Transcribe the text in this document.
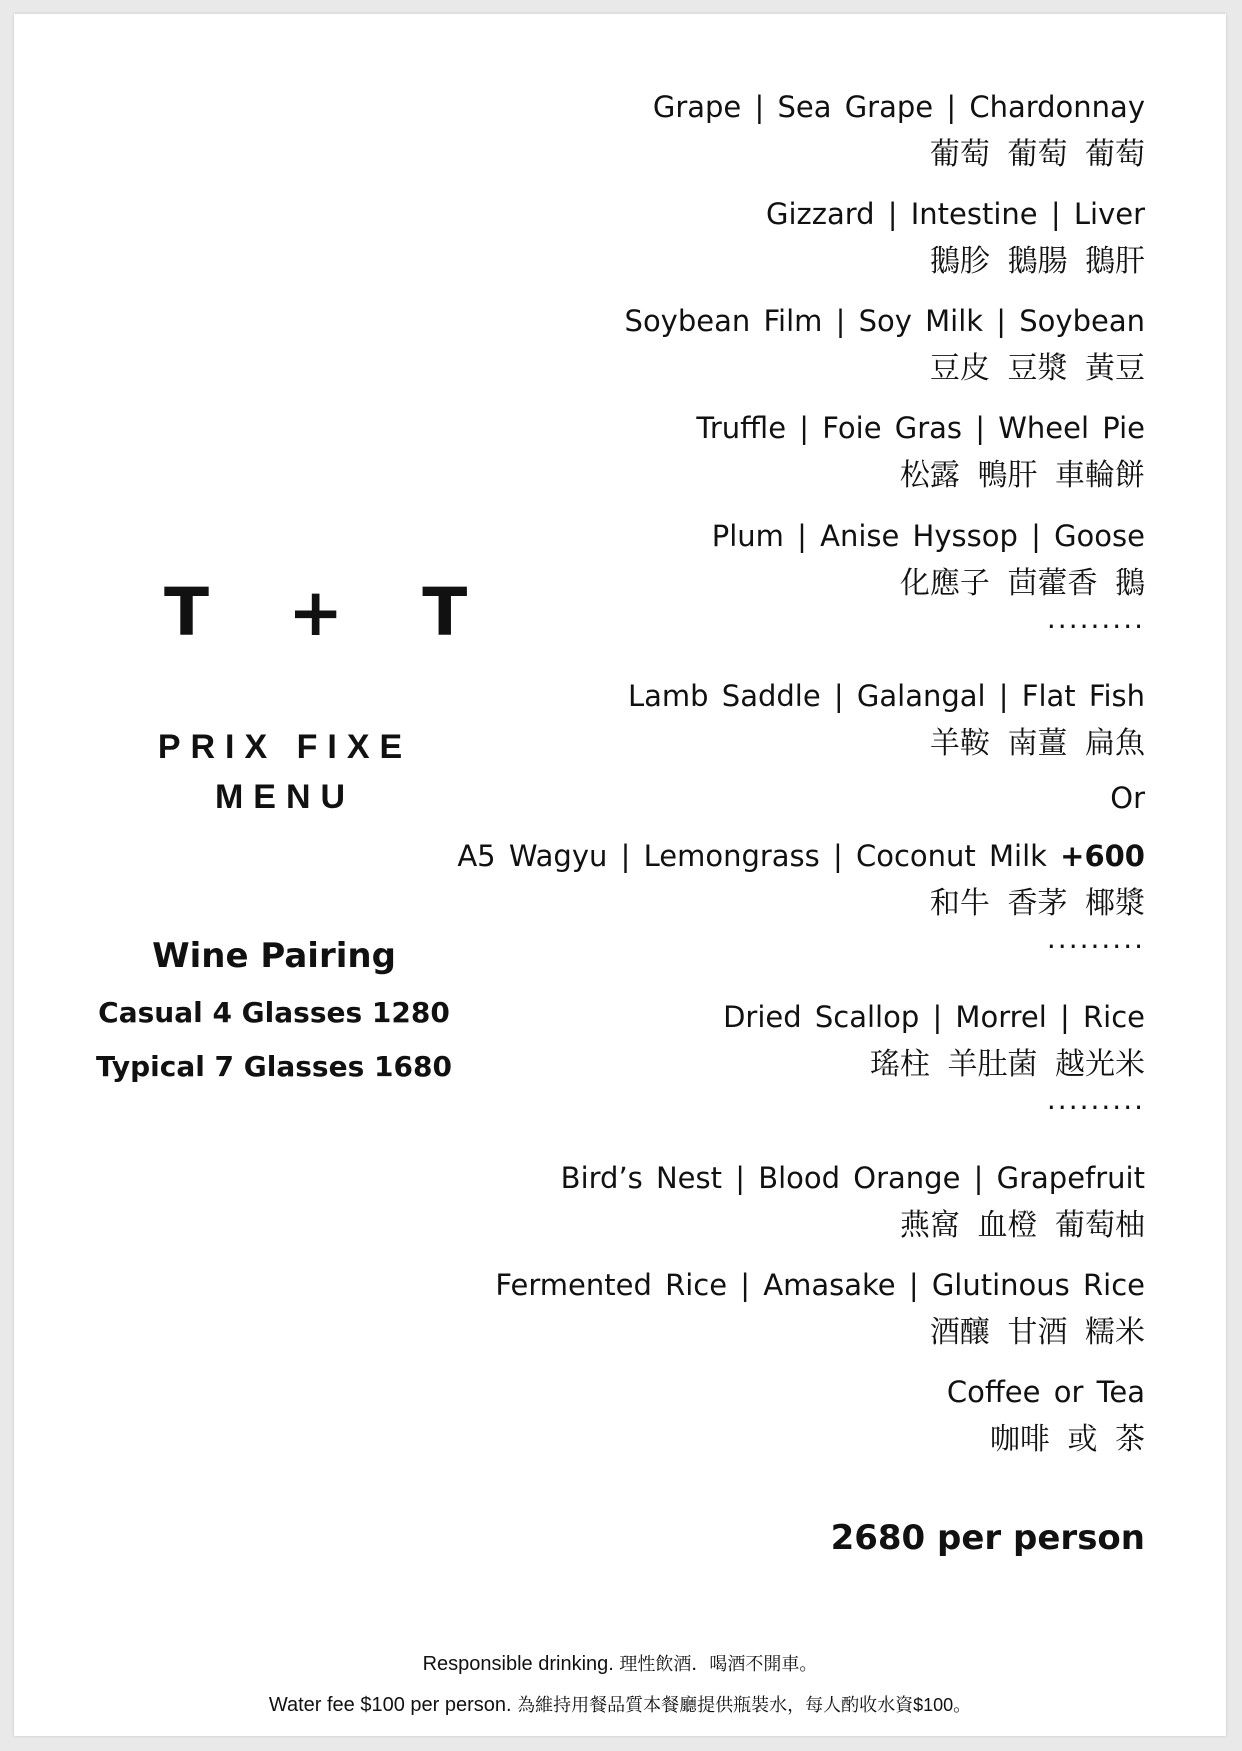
T + T
PRIX FIXE
MENU
Wine Pairing
Casual 4 Glasses 1280
Typical 7 Glasses 1680
Grape | Sea Grape | Chardonnay
葡萄 葡萄 葡萄
Gizzard | Intestine | Liver
鵝胗 鵝腸 鵝肝
Soybean Film | Soy Milk | Soybean
豆皮 豆漿 黃豆
Truffle | Foie Gras | Wheel Pie
松露 鴨肝 車輪餅
Plum | Anise Hyssop | Goose
化應子 茴藿香 鵝
.........
Lamb Saddle | Galangal | Flat Fish
羊鞍 南薑 扁魚
Or
A5 Wagyu | Lemongrass | Coconut Milk +600
和牛 香茅 椰漿
.........
Dried Scallop | Morrel | Rice
瑤柱 羊肚菌 越光米
.........
Bird’s Nest | Blood Orange | Grapefruit
燕窩 血橙 葡萄柚
Fermented Rice | Amasake | Glutinous Rice
酒釀 甘酒 糯米
Coffee or Tea
咖啡 或 茶
2680 per person
Responsible drinking. 理性飲酒．喝酒不開車。
Water fee $100 per person. 為維持用餐品質本餐廳提供瓶裝水，每人酌收水資$100。
